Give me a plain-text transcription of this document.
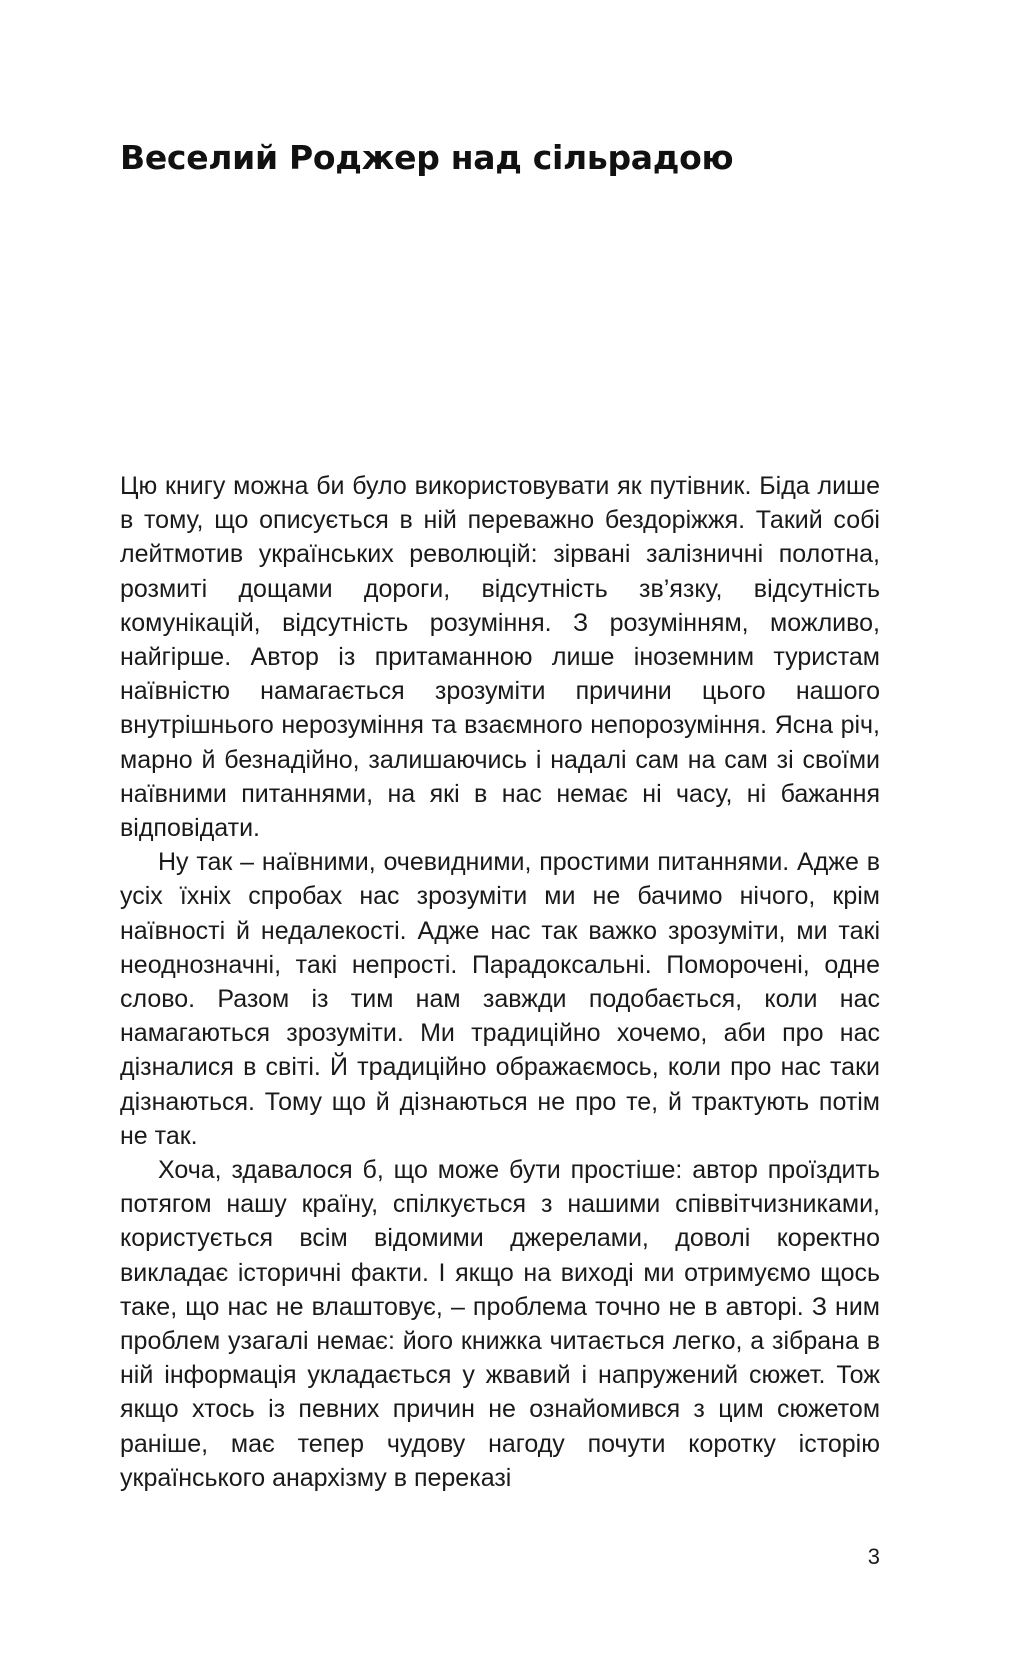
Веселий Роджер над сільрадою

Цю книгу можна би було використовувати як путівник. Біда лише в тому, що описується в ній переважно бездоріжжя. Такий собі лейтмотив українських революцій: зірвані залізничні полотна, розмиті дощами дороги, відсутність зв’язку, відсутність комунікацій, відсутність розуміння. З розумінням, можливо, найгірше. Автор із притаманною лише іноземним туристам наївністю намагається зрозуміти причини цього нашого внутрішнього нерозуміння та взаємного непорозуміння. Ясна річ, марно й безнадійно, залишаючись і надалі сам на сам зі своїми наївними питаннями, на які в нас немає ні часу, ні бажання відповідати.

Ну так – наївними, очевидними, простими питаннями. Адже в усіх їхніх спробах нас зрозуміти ми не бачимо нічого, крім наївності й недалекості. Адже нас так важко зрозуміти, ми такі неоднозначні, такі непрості. Парадоксальні. Поморочені, одне слово. Разом із тим нам завжди подобається, коли нас намагаються зрозуміти. Ми традиційно хочемо, аби про нас дізналися в світі. Й традиційно ображаємось, коли про нас таки дізнаються. Тому що й дізнаються не про те, й трактують потім не так.

Хоча, здавалося б, що може бути простіше: автор проїздить потягом нашу країну, спілкується з нашими співвітчизниками, користується всім відомими джерелами, доволі коректно викладає історичні факти. І якщо на виході ми отримуємо щось таке, що нас не влаштовує, – проблема точно не в авторі. З ним проблем узагалі немає: його книжка читається легко, а зібрана в ній інформація укладається у жвавий і напружений сюжет. Тож якщо хтось із певних причин не ознайомився з цим сюжетом раніше, має тепер чудову нагоду почути коротку історію українського анархізму в переказі

3
